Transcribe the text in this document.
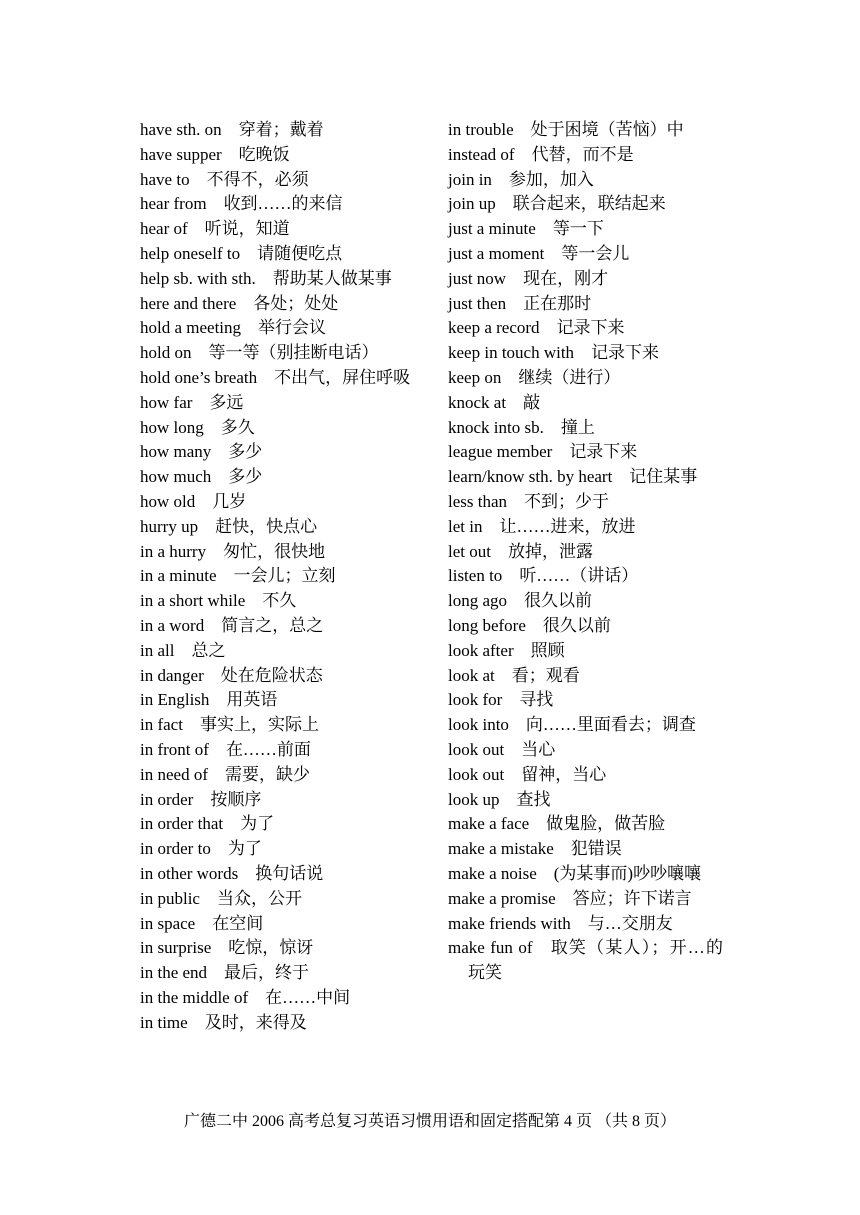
have sth. on  穿着；戴着
have supper  吃晚饭
have to  不得不，必须
hear from  收到……的来信
hear of  听说，知道
help oneself to  请随便吃点
help sb. with sth.  帮助某人做某事
here and there  各处；处处
hold a meeting  举行会议
hold on  等一等（别挂断电话）
hold one’s breath  不出气，屏住呼吸
how far  多远
how long  多久
how many  多少
how much  多少
how old  几岁
hurry up  赶快，快点心
in a hurry  匆忙，很快地
in a minute  一会儿；立刻
in a short while  不久
in a word  简言之，总之
in all  总之
in danger  处在危险状态
in English  用英语
in fact  事实上，实际上
in front of  在……前面
in need of  需要，缺少
in order  按顺序
in order that  为了
in order to  为了
in other words  换句话说
in public  当众，公开
in space  在空间
in surprise  吃惊，惊讶
in the end  最后，终于
in the middle of  在……中间
in time  及时，来得及
in trouble  处于困境（苦恼）中
instead of  代替，而不是
join in  参加，加入
join up  联合起来，联结起来
just a minute  等一下
just a moment  等一会儿
just now  现在，刚才
just then  正在那时
keep a record  记录下来
keep in touch with  记录下来
keep on  继续（进行）
knock at  敲
knock into sb.  撞上
league member  记录下来
learn/know sth. by heart  记住某事
less than  不到；少于
let in  让……进来，放进
let out  放掉，泄露
listen to  听……（讲话）
long ago  很久以前
long before  很久以前
look after  照顾
look at  看；观看
look for  寻找
look into  向……里面看去；调查
look out  当心
look out  留神，当心
look up  查找
make a face  做鬼脸，做苦脸
make a mistake  犯错误
make a noise  (为某事而)吵吵嚷嚷
make a promise  答应；许下诺言
make friends with  与…交朋友
make fun of  取笑（某人）；开…的玩笑
广德二中 2006 高考总复习英语习惯用语和固定搭配第 4 页 （共 8 页）
